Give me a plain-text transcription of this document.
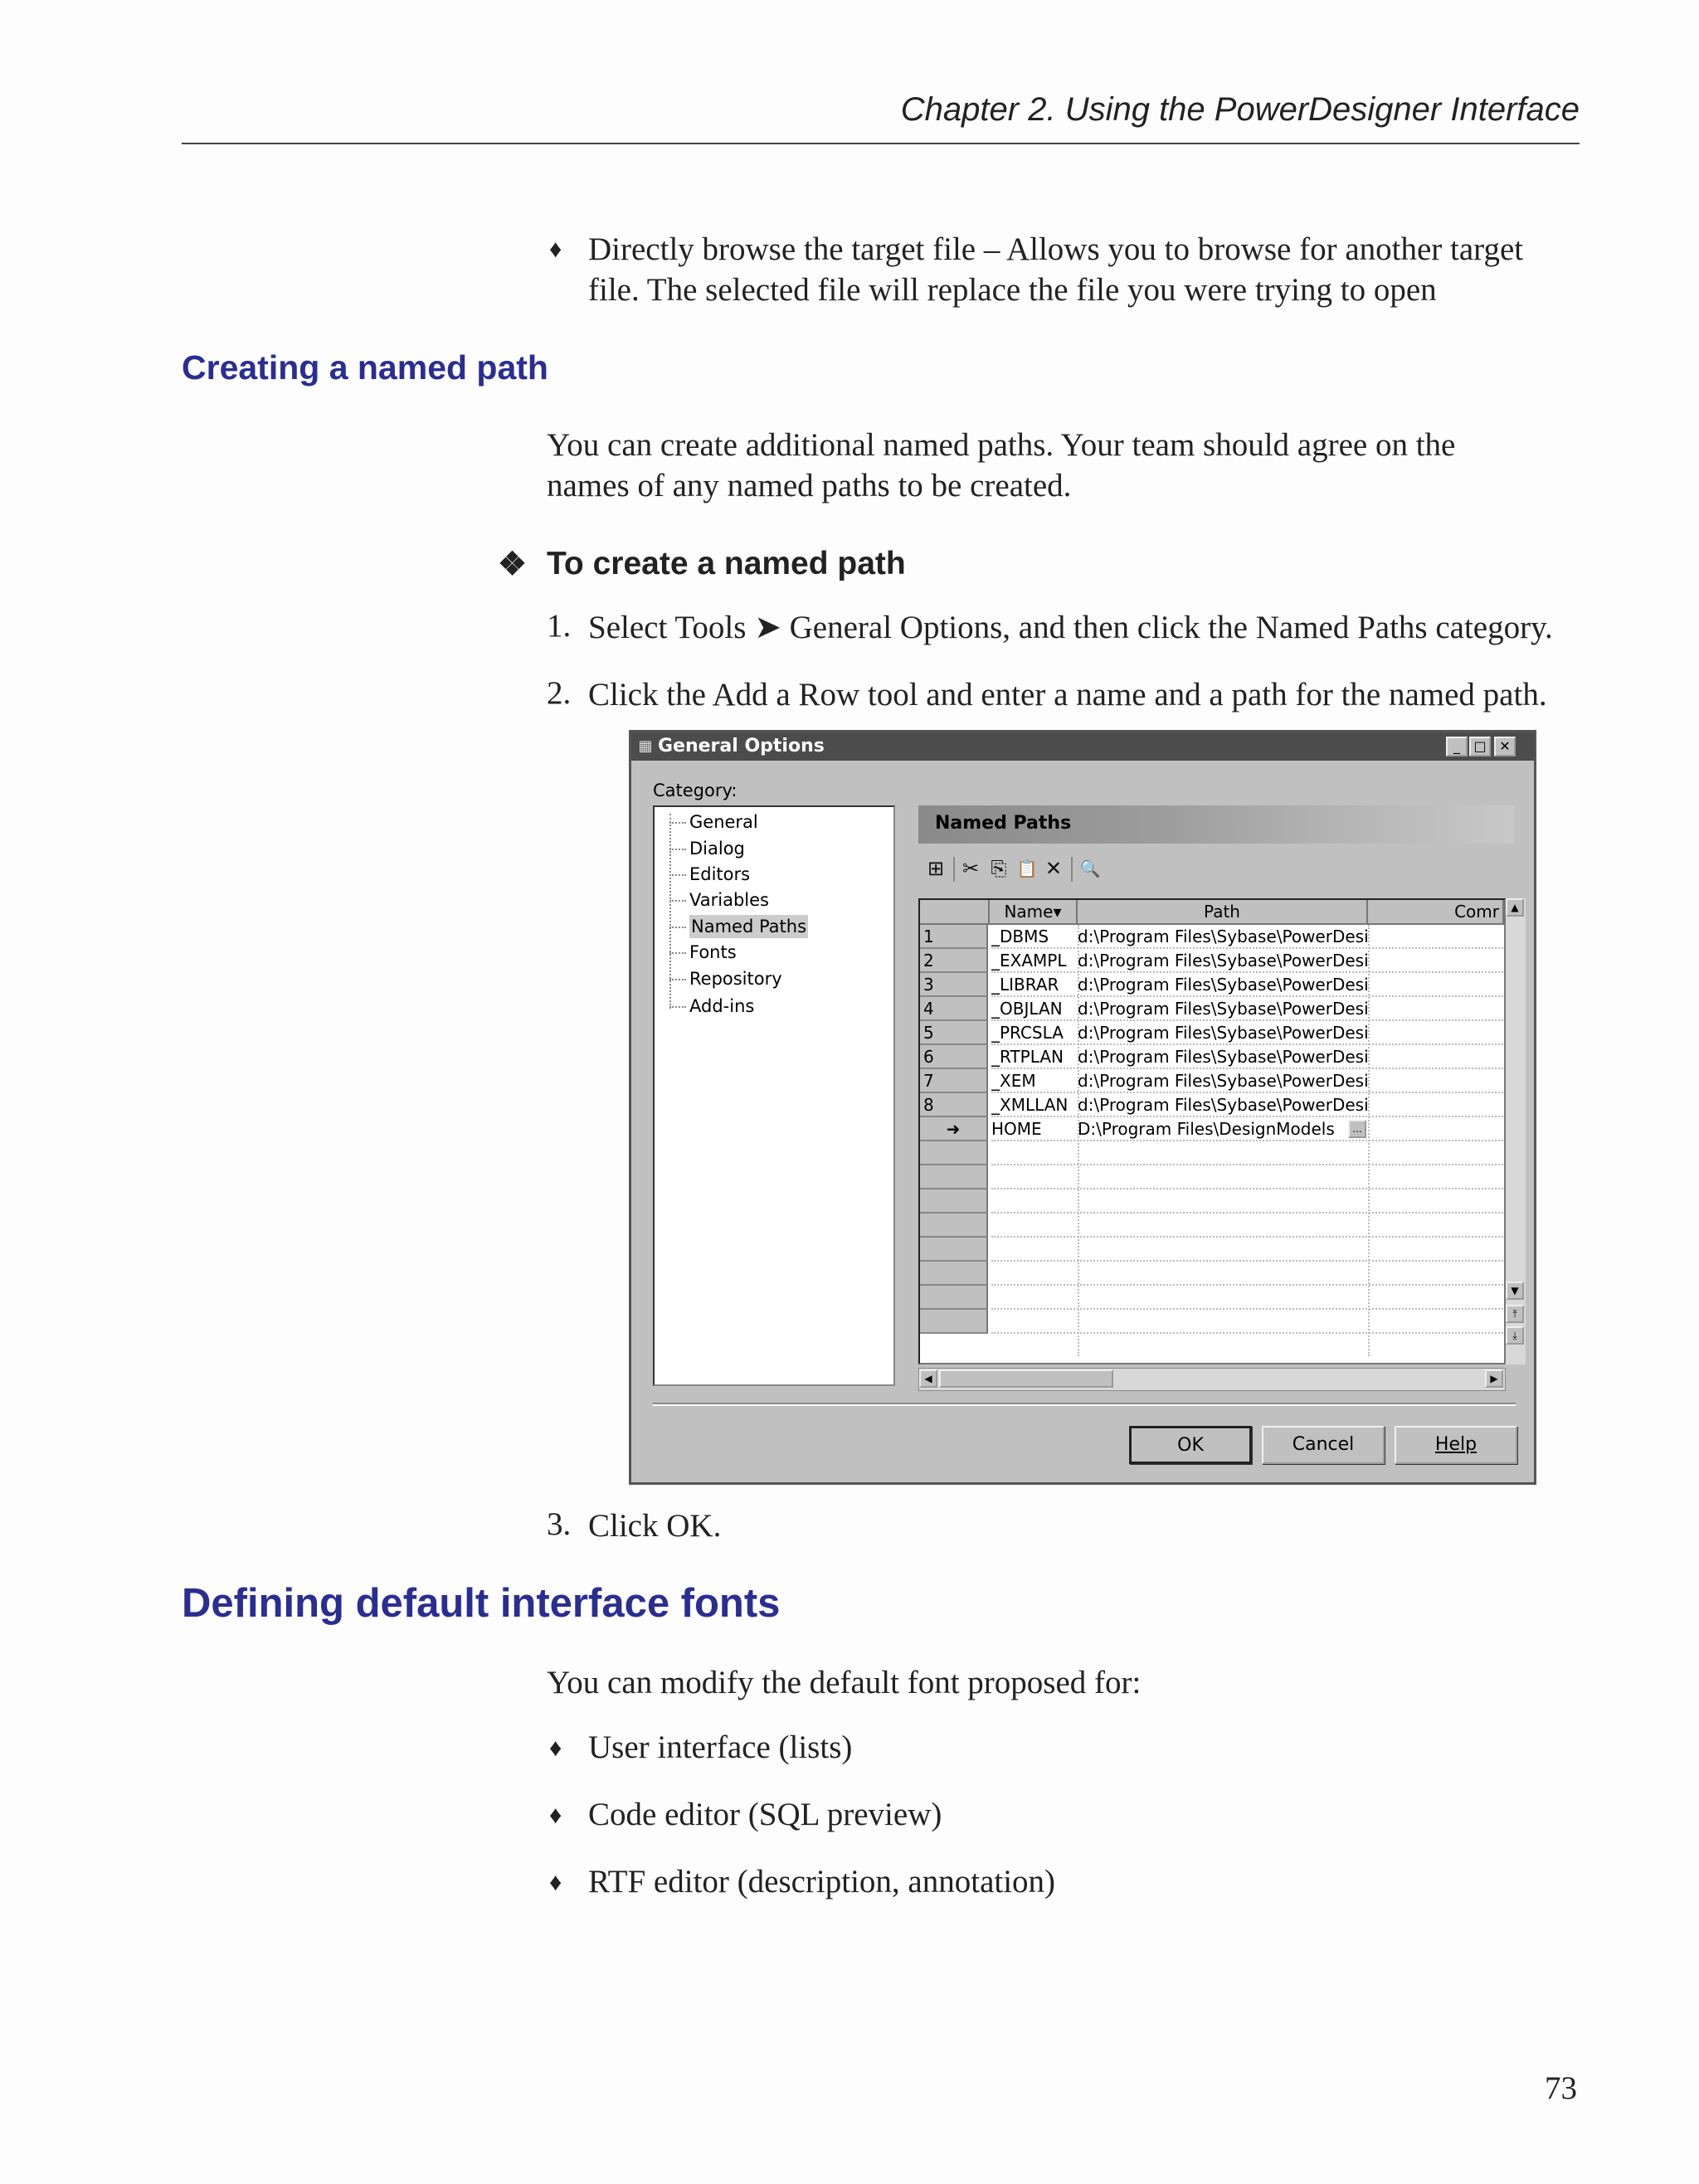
Chapter 2. Using the PowerDesigner Interface
♦ Directly browse the target file – Allows you to browse for another target
file. The selected file will replace the file you were trying to open
Creating a named path
You can create additional named paths. Your team should agree on the
names of any named paths to be created.
❖ To create a named path
1. Select Tools ➤ General Options, and then click the Named Paths category.
2. Click the Add a Row tool and enter a name and a path for the named path.
▦ General Options	_	□ ✕
Category:
General
Dialog
Editors
Variables
Named Paths
Fonts
Repository
Add-ins
Named Paths
⊞ ✂ ⎘ 📋 ✕ 🔍
Name▾	Path	Comr
1	_DBMS d:\Program Files\Sybase\PowerDesi
2	_EXAMPL d:\Program Files\Sybase\PowerDesi
3	_LIBRAR d:\Program Files\Sybase\PowerDesi
4	_OBJLAN d:\Program Files\Sybase\PowerDesi
5	_PRCSLA d:\Program Files\Sybase\PowerDesi
6	_RTPLAN d:\Program Files\Sybase\PowerDesi
7	_XEM	d:\Program Files\Sybase\PowerDesi
8	_XMLLAN d:\Program Files\Sybase\PowerDesi
➜	HOME D:\Program Files\DesignModels	...
▲
▼
⤒
⤓
◀	▶
OK	Cancel	Help
3. Click OK.
Defining default interface fonts
You can modify the default font proposed for:
♦ User interface (lists)
♦ Code editor (SQL preview)
♦ RTF editor (description, annotation)
73
